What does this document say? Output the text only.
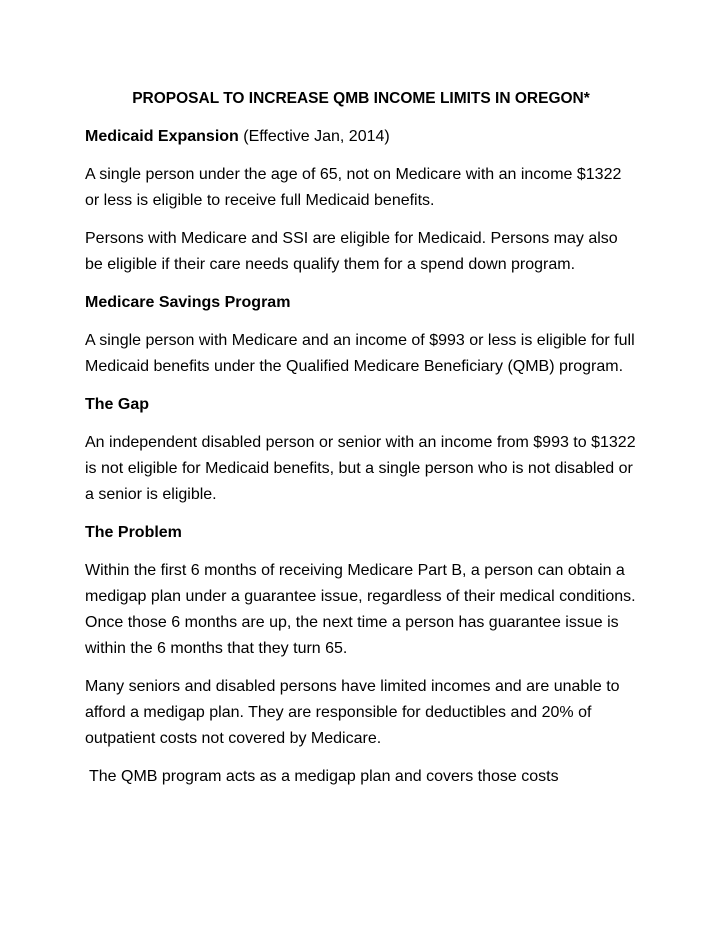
PROPOSAL TO INCREASE QMB INCOME LIMITS IN OREGON*
Medicaid Expansion (Effective Jan, 2014)

A single person under the age of 65, not on Medicare with an income $1322 or less is eligible to receive full Medicaid benefits.

Persons with Medicare and SSI are eligible for Medicaid. Persons may also be eligible if their care needs qualify them for a spend down program.

Medicare Savings Program

A single person with Medicare and an income of $993 or less is eligible for full Medicaid benefits under the Qualified Medicare Beneficiary (QMB) program.

The Gap

An independent disabled person or senior with an income from $993 to $1322 is not eligible for Medicaid benefits, but a single person who is not disabled or a senior is eligible.

The Problem

Within the first 6 months of receiving Medicare Part B, a person can obtain a medigap plan under a guarantee issue, regardless of their medical conditions. Once those 6 months are up, the next time a person has guarantee issue is within the 6 months that they turn 65.

Many seniors and disabled persons have limited incomes and are unable to afford a medigap plan. They are responsible for deductibles and 20% of outpatient costs not covered by Medicare.

The QMB program acts as a medigap plan and covers those costs
